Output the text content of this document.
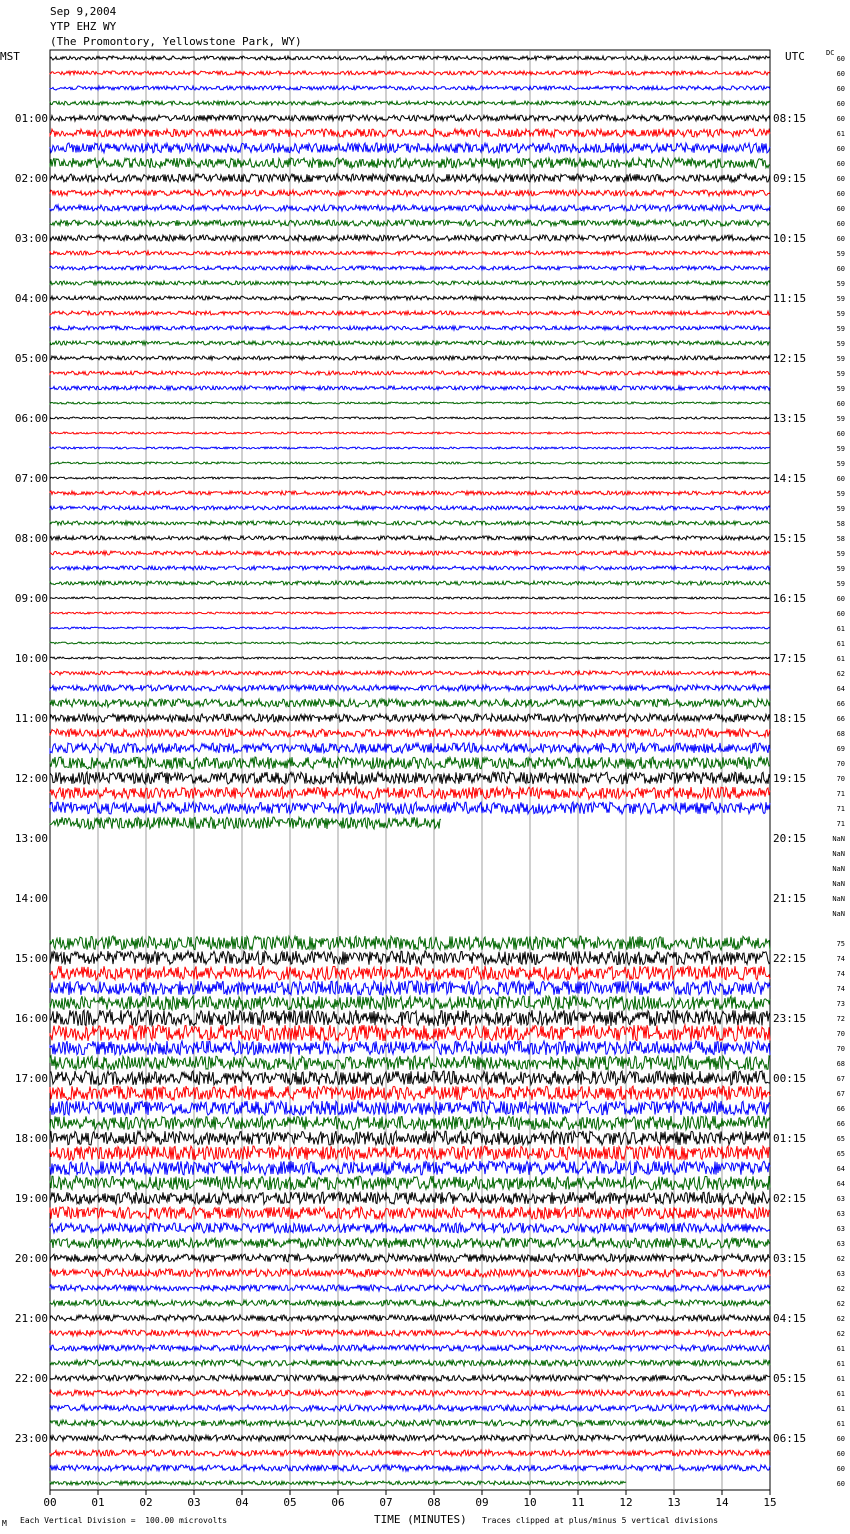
00	01	02	03	04	05	06	07	08	09	10	11	12	13	14	15
01:00
02:00
03:00
04:00
05:00
06:00
07:00
08:00
09:00
10:00
11:00
12:00
13:00
14:00
15:00
16:00
17:00
18:00
19:00
20:00
21:00
22:00
23:00
08:15
09:15
10:15
11:15
12:15
13:15
14:15
15:15
16:15
17:15
18:15
19:15
20:15
21:15
22:15
23:15
00:15
01:15
02:15
03:15
04:15
05:15
06:15
60
60
60
60
60
61
60
60
60
60
60
60
60
59
60
59
59
59
59
59
59
59
59
60
59
60
59
59
60
59
59
58
58
59
59
59
60
60
61
61
61
62
64
66
66
68
69
70
70
71
71
71
NaN
NaN
NaN
NaN
NaN
NaN
75
74
74
74
73
72
70
70
68
67
67
66
66
65
65
64
64
63
63
63
63
62
63
62
62
62
62
61
61
61
61
61
61
60
60
60
60
Sep 9,2004
YTP EHZ WY
(The Promontory, Yellowstone Park, WY)
MST	UTC	DC
TIME (MINUTES)
M Each Vertical Division =  100.00 microvolts	Traces clipped at plus/minus 5 vertical divisions
